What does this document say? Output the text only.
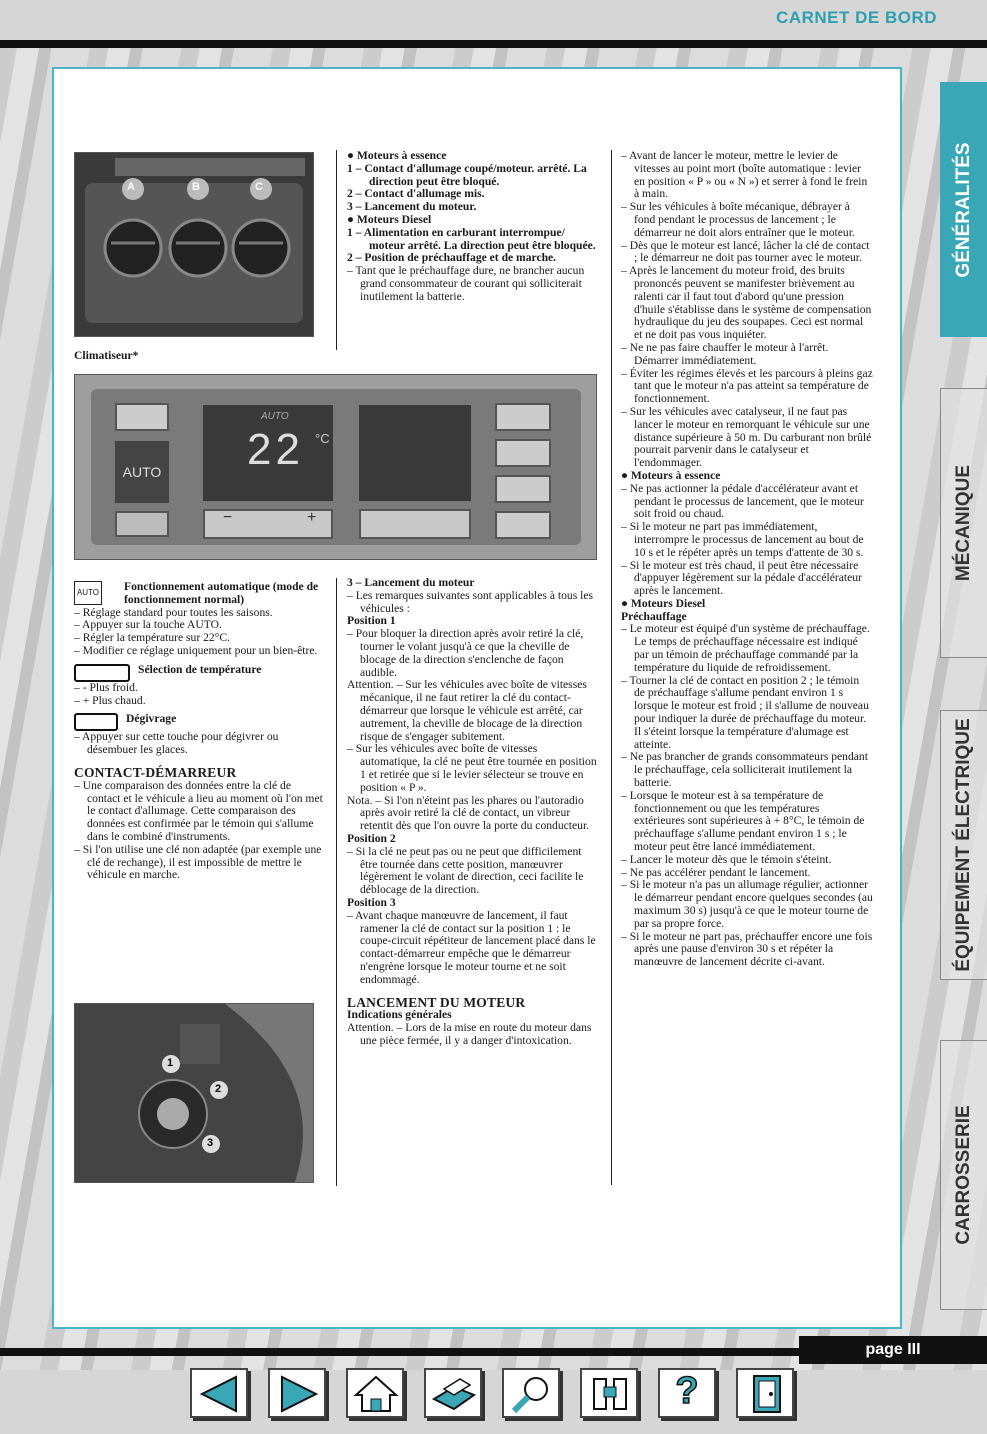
CARNET DE BORD
GÉNÉRALITÉS
MÉCANIQUE
ÉQUIPEMENT ÉLECTRIQUE
CARROSSERIE
A	B	C
Climatiseur*

● Moteurs à essence

1 – Contact d'allumage coupé/moteur. arrêté. La direction peut être bloqué.

2 – Contact d'allumage mis.

3 – Lancement du moteur.

● Moteurs Diesel

1 – Alimentation en carburant interrompue/ moteur arrêté. La direction peut être bloquée.

2 – Position de préchauffage et de marche.

– Tant que le préchauffage dure, ne brancher aucun grand consommateur de courant qui solliciterait inutilement la batterie.

AUTO
AUTO
22 °C
−	+
AUTO Fonctionnement automatique (mode de fonctionnement normal)

– Réglage standard pour toutes les saisons.

– Appuyer sur la touche AUTO.

– Régler la température sur 22°C.

– Modifier ce réglage uniquement pour un bien-être.

Sélection de température

– - Plus froid.

– + Plus chaud.

Dégivrage

– Appuyer sur cette touche pour dégivrer ou désembuer les glaces.

CONTACT-DÉMARREUR

– Une comparaison des données entre la clé de contact et le véhicule a lieu au moment où l'on met le contact d'allumage. Cette comparaison des données est confirmée par le témoin qui s'allume dans le combiné d'instruments.

– Si l'on utilise une clé non adaptée (par exemple une clé de rechange), il est impossible de mettre le véhicule en marche.

1
2
3

3 – Lancement du moteur

– Les remarques suivantes sont applicables à tous les véhicules :

Position 1

– Pour bloquer la direction après avoir retiré la clé, tourner le volant jusqu'à ce que la cheville de blocage de la direction s'enclenche de façon audible.

Attention. – Sur les véhicules avec boîte de vitesses mécanique, il ne faut retirer la clé du contact-démarreur que lorsque le véhicule est arrêté, car autrement, la cheville de blocage de la direction risque de s'engager subitement.

– Sur les véhicules avec boîte de vitesses automatique, la clé ne peut être tournée en position 1 et retirée que si le levier sélecteur se trouve en position « P ».

Nota. – Si l'on n'éteint pas les phares ou l'autoradio après avoir retiré la clé de contact, un vibreur retentit dès que l'on ouvre la porte du conducteur.

Position 2

– Si la clé ne peut pas ou ne peut que difficilement être tournée dans cette position, manœuvrer légèrement le volant de direction, ceci facilite le déblocage de la direction.

Position 3

– Avant chaque manœuvre de lancement, il faut ramener la clé de contact sur la position 1 : le coupe-circuit répétiteur de lancement placé dans le contact-démarreur empêche que le démarreur n'engrène lorsque le moteur tourne et ne soit endommagé.

LANCEMENT DU MOTEUR

Indications générales

Attention. – Lors de la mise en route du moteur dans une pièce fermée, il y a danger d'intoxication.

– Avant de lancer le moteur, mettre le levier de vitesses au point mort (boîte automatique : levier en position « P » ou « N ») et serrer à fond le frein à main.

– Sur les véhicules à boîte mécanique, débrayer à fond pendant le processus de lancement ; le démarreur ne doit alors entraîner que le moteur.

– Dès que le moteur est lancé, lâcher la clé de contact ; le démarreur ne doit pas tourner avec le moteur.

– Après le lancement du moteur froid, des bruits prononcés peuvent se manifester brièvement au ralenti car il faut tout d'abord qu'une pression d'huile s'établisse dans le système de compensation hydraulique du jeu des soupapes. Ceci est normal et ne doit pas vous inquiéter.

– Ne ne pas faire chauffer le moteur à l'arrêt. Démarrer immédiatement.

– Éviter les régimes élevés et les parcours à pleins gaz tant que le moteur n'a pas atteint sa température de fonctionnement.

– Sur les véhicules avec catalyseur, il ne faut pas lancer le moteur en remorquant le véhicule sur une distance supérieure à 50 m. Du carburant non brûlé pourrait parvenir dans le catalyseur et l'endommager.

● Moteurs à essence

– Ne pas actionner la pédale d'accélérateur avant et pendant le processus de lancement, que le moteur soit froid ou chaud.

– Si le moteur ne part pas immédiatement, interrompre le processus de lancement au bout de 10 s et le répéter après un temps d'attente de 30 s.

– Si le moteur est très chaud, il peut être nécessaire d'appuyer légèrement sur la pédale d'accélérateur après le lancement.

● Moteurs Diesel

Préchauffage

– Le moteur est équipé d'un système de préchauffage. Le temps de préchauffage nécessaire est indiqué par un témoin de préchauffage commandé par la température du liquide de refroidissement.

– Tourner la clé de contact en position 2 ; le témoin de préchauffage s'allume pendant environ 1 s lorsque le moteur est froid ; il s'allume de nouveau pour indiquer la durée de préchauffage du moteur. Il s'éteint lorsque la température d'alumage est atteinte.

– Ne pas brancher de grands consommateurs pendant le préchauffage, cela solliciterait inutilement la batterie.

– Lorsque le moteur est à sa température de fonctionnement ou que les températures extérieures sont supérieures à + 8°C, le témoin de préchauffage s'allume pendant environ 1 s ; le moteur peut être lancé immédiatement.

– Lancer le moteur dès que le témoin s'éteint.

– Ne pas accélérer pendant le lancement.

– Si le moteur n'a pas un allumage régulier, actionner le démarreur pendant encore quelques secondes (au maximum 30 s) jusqu'à ce que le moteur tourne de par sa propre force.

– Si le moteur ne part pas, préchauffer encore une fois après une pause d'environ 30 s et répéter la manœuvre de lancement décrite ci-avant.

page III
?
